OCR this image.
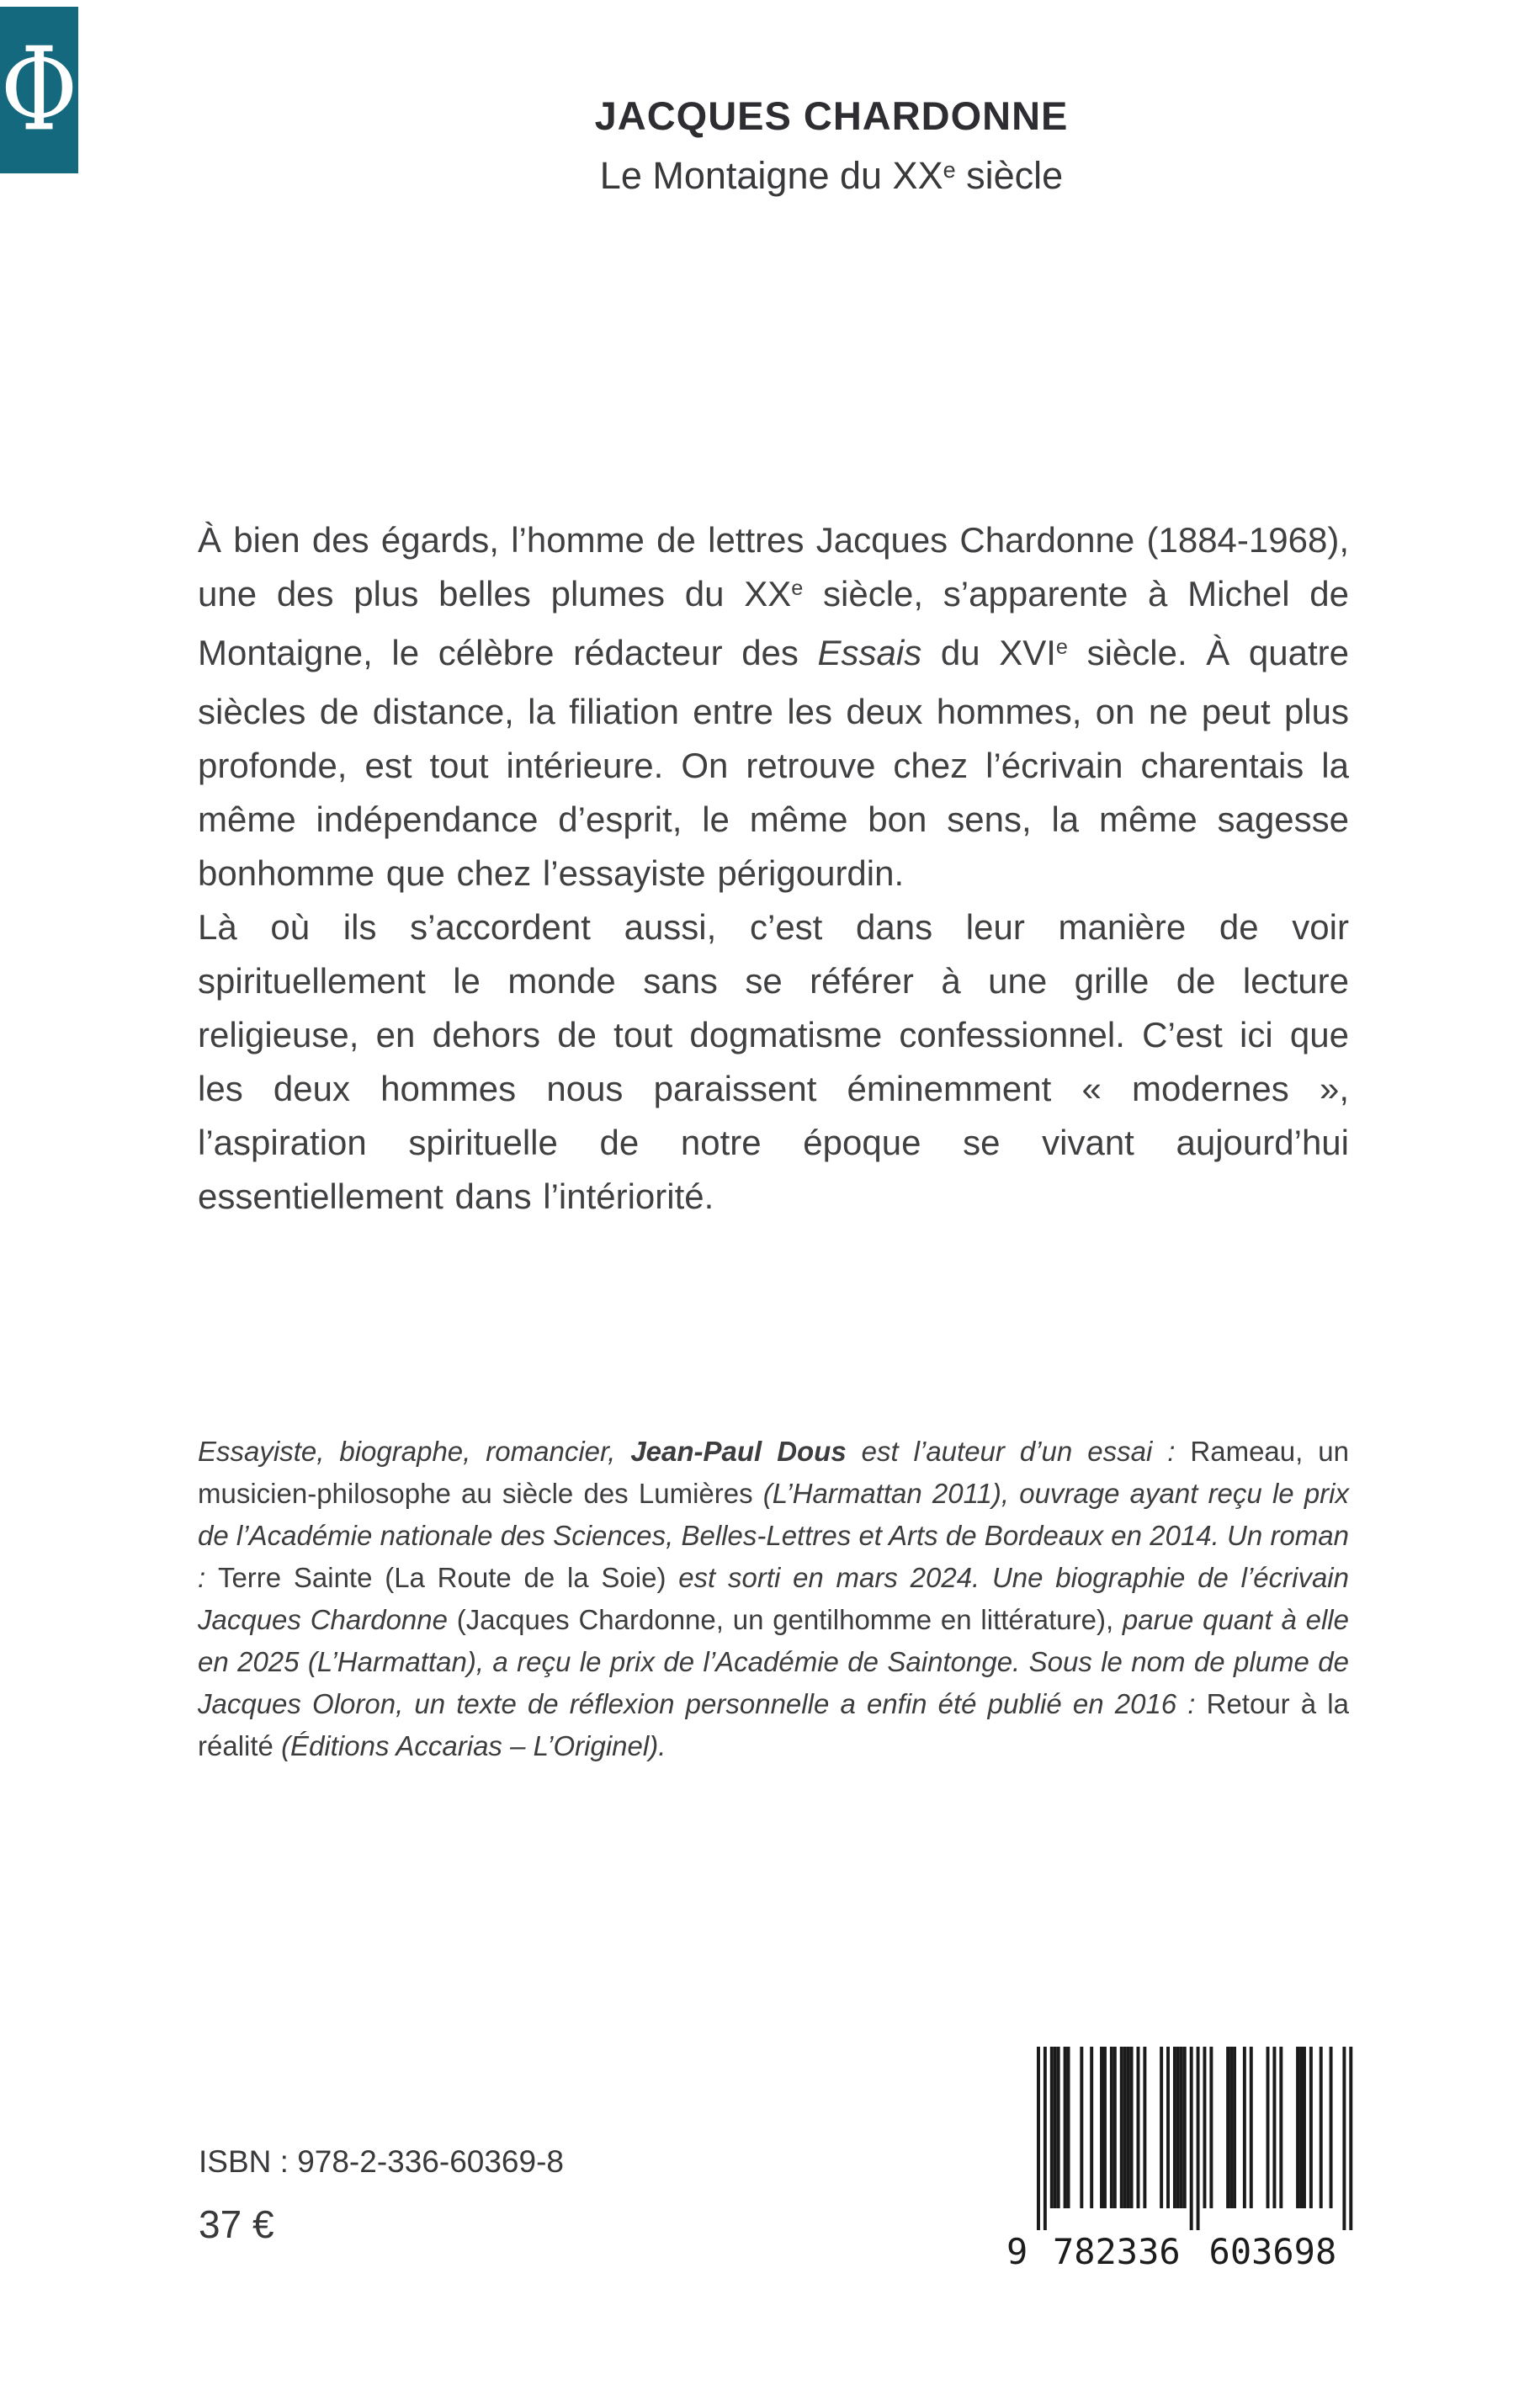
Φ	JACQUES CHARDONNE
Le Montaigne du XXe siècle

À bien des égards, l’homme de lettres Jacques Chardonne (1884-1968), une des plus belles plumes du XXe siècle, s’apparente à Michel de Montaigne, le célèbre rédacteur des Essais du XVIe siècle. À quatre siècles de distance, la filiation entre les deux hommes, on ne peut plus profonde, est tout intérieure. On retrouve chez l’écrivain charentais la même indépendance d’esprit, le même bon sens, la même sagesse bonhomme que chez l’essayiste périgourdin.

Là où ils s’accordent aussi, c’est dans leur manière de voir spirituellement le monde sans se référer à une grille de lecture religieuse, en dehors de tout dogmatisme confessionnel. C’est ici que les deux hommes nous paraissent éminemment « modernes », l’aspiration spirituelle de notre époque se vivant aujourd’hui essentiellement dans l’intériorité.

Essayiste, biographe, romancier, Jean-Paul Dous est l’auteur d’un essai : Rameau, un musicien-philosophe au siècle des Lumières (L’Harmattan 2011), ouvrage ayant reçu le prix de l’Académie nationale des Sciences, Belles-Lettres et Arts de Bordeaux en 2014. Un roman : Terre Sainte (La Route de la Soie) est sorti en mars 2024. Une biographie de l’écrivain Jacques Chardonne (Jacques Chardonne, un gentilhomme en littérature), parue quant à elle en 2025 (L’Harmattan), a reçu le prix de l’Académie de Saintonge. Sous le nom de plume de Jacques Oloron, un texte de réflexion personnelle a enfin été publié en 2016 : Retour à la réalité (Éditions Accarias – L’Originel).
ISBN : 978-2-336-60369-8
37 €
9 782336 603698
